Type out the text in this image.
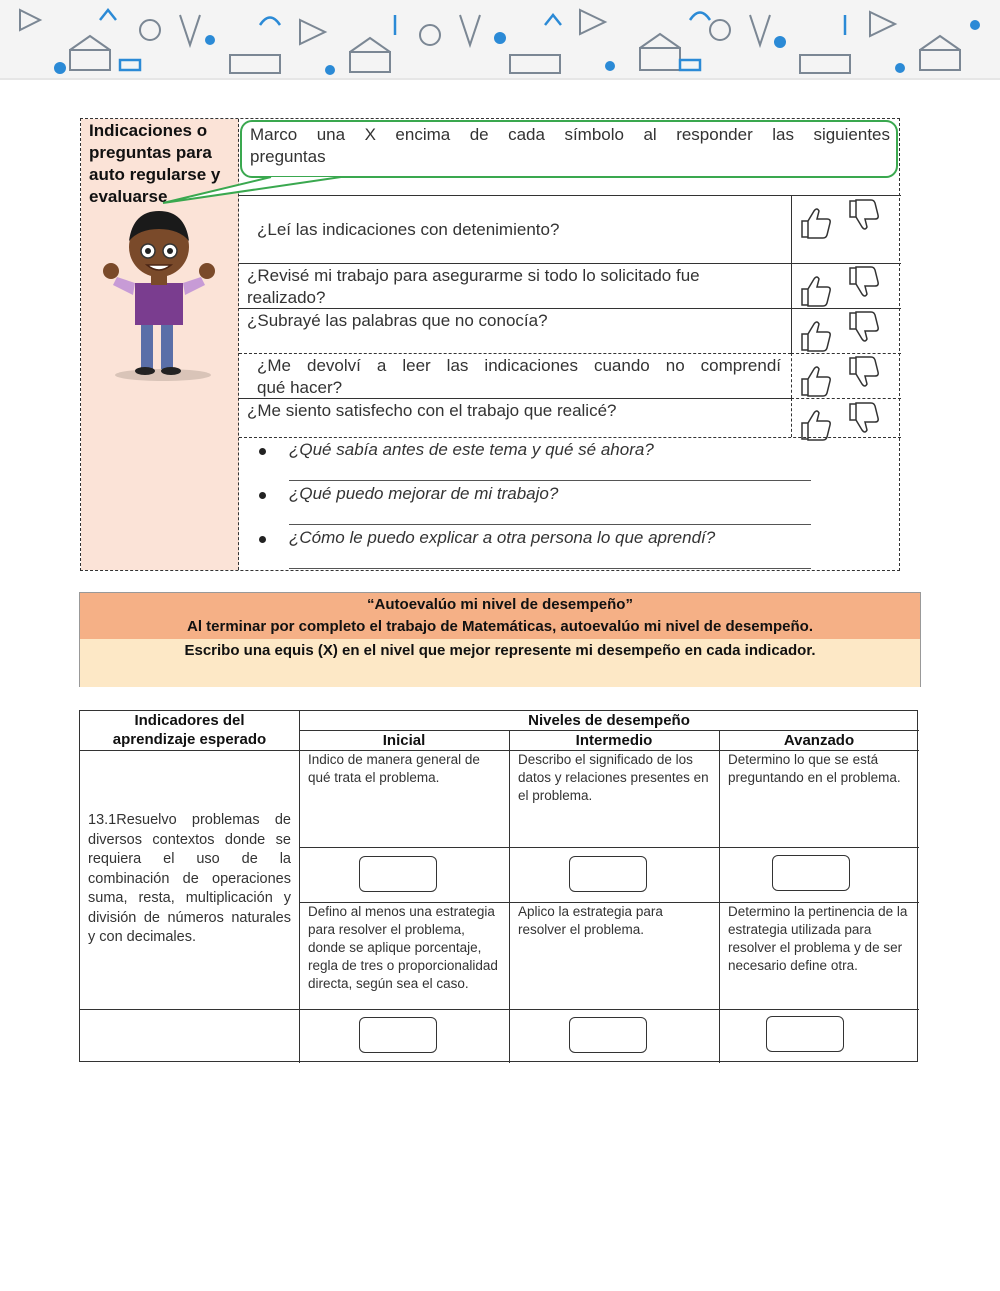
Indicaciones o preguntas para auto regularse y evaluarse
Marco una X encima de cada símbolo al responder las siguientes
preguntas
¿Leí las indicaciones con detenimiento?
¿Revisé mi trabajo para asegurarme si todo lo solicitado fue
realizado?
¿Subrayé las palabras que no conocía?
¿Me devolví a leer las indicaciones cuando no comprendí
qué hacer?
¿Me siento satisfecho con el trabajo que realicé?
¿Qué sabía antes de este tema y qué sé ahora?
¿Qué puedo mejorar de mi trabajo?
¿Cómo le puedo explicar a otra persona lo que aprendí?
“Autoevalúo mi nivel de desempeño”
Al terminar por completo el trabajo de Matemáticas, autoevalúo mi nivel de desempeño.
Escribo una equis (X) en el nivel que mejor represente mi desempeño en cada indicador.
Indicadores del
aprendizaje esperado
Niveles de desempeño
Inicial	Intermedio	Avanzado
13.1Resuelvo problemas de diversos contextos donde se requiera el uso de la combinación de operaciones suma, resta, multiplicación y división de números naturales y con decimales.
Indico de manera general de qué trata el problema.
Describo el significado de los datos y relaciones presentes en el problema.
Determino lo que se está preguntando en el problema.
Defino al menos una estrategia para resolver el problema, donde se aplique porcentaje, regla de tres o proporcionalidad directa, según sea el caso.
Aplico la estrategia para resolver el problema.
Determino la pertinencia de la estrategia utilizada para resolver el problema y de ser necesario define otra.
